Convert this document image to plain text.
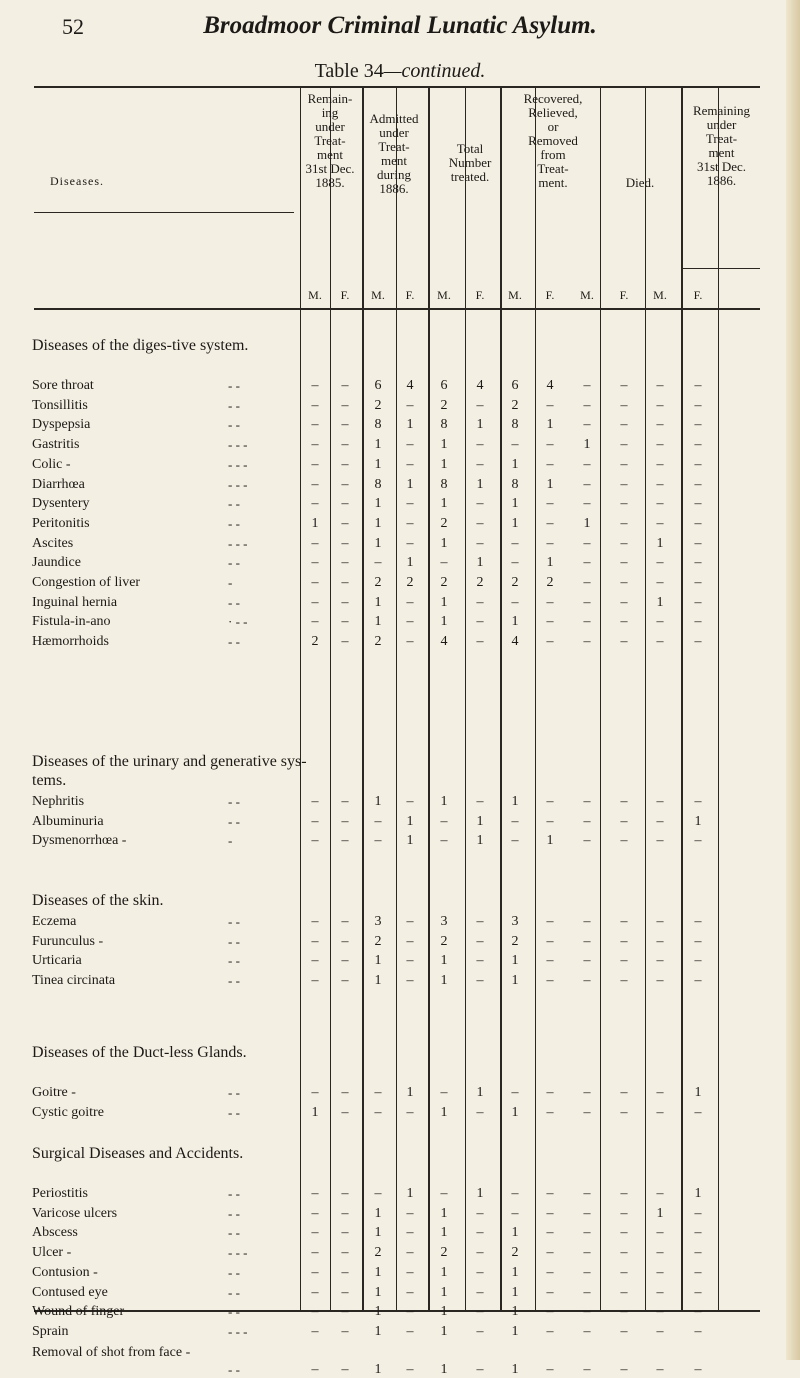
52	Broadmoor Criminal Lunatic Asylum.
Table 34—continued.
Diseases.
Remain-
ing
under
Treat-
ment
31st Dec.
1885.
Admitted
under
Treat-
ment
during
1886.
Total
Number
treated.
Recovered,
Relieved,
or
Removed
from
Treat-
ment.	Died.
Remaining
under
Treat-
ment
31st Dec.
1886.
M.	F.	M.	F.	M.	F.	M.	F.	M.	F.	M.	F.
Diseases of the diges-tive system.
Sore throat	- -	–	–	6	4	6	4	6	4	–	–	–	–
Tonsillitis	- -	–	–	2	–	2	–	2	–	–	–	–	–
Dyspepsia	- -	–	–	8	1	8	1	8	1	–	–	–	–
Gastritis	- - -	–	–	1	–	1	–	–	–	1	–	–	–
Colic -	- - -	–	–	1	–	1	–	1	–	–	–	–	–
Diarrhœa	- - -	–	–	8	1	8	1	8	1	–	–	–	–
Dysentery	- -	–	–	1	–	1	–	1	–	–	–	–	–
Peritonitis	- -	1	–	1	–	2	–	1	–	1	–	–	–
Ascites	- - -	–	–	1	–	1	–	–	–	–	–	1	–
Jaundice	- -	–	–	–	1	–	1	–	1	–	–	–	–
Congestion of liver	-	–	–	2	2	2	2	2	2	–	–	–	–
Inguinal hernia	- -	–	–	1	–	1	–	–	–	–	–	1	–
Fistula-in-ano	· - -	–	–	1	–	1	–	1	–	–	–	–	–
Hæmorrhoids	- -	2	–	2	–	4	–	4	–	–	–	–	–
Diseases of the urinary and generative sys-tems.
Nephritis	- -	–	–	1	–	1	–	1	–	–	–	–	–
Albuminuria	- -	–	–	–	1	–	1	–	–	–	–	–	1
Dysmenorrhœa -	-	–	–	–	1	–	1	–	1	–	–	–	–
Diseases of the skin.
Eczema	- -	–	–	3	–	3	–	3	–	–	–	–	–
Furunculus -	- -	–	–	2	–	2	–	2	–	–	–	–	–
Urticaria	- -	–	–	1	–	1	–	1	–	–	–	–	–
Tinea circinata	- -	–	–	1	–	1	–	1	–	–	–	–	–
Diseases of the Duct-less Glands.
Goitre -	- -	–	–	–	1	–	1	–	–	–	–	–	1
Cystic goitre	- -	1	–	–	–	1	–	1	–	–	–	–	–
Surgical Diseases and Accidents.
Periostitis	- -	–	–	–	1	–	1	–	–	–	–	–	1
Varicose ulcers	- -	–	–	1	–	1	–	–	–	–	–	1	–
Abscess	- -	–	–	1	–	1	–	1	–	–	–	–	–
Ulcer -	- - -	–	–	2	–	2	–	2	–	–	–	–	–
Contusion -	- -	–	–	1	–	1	–	1	–	–	–	–	–
Contused eye	- -	–	–	1	–	1	–	1	–	–	–	–	–
Wound of finger	- -	–	–	1	–	1	–	1	–	–	–	–	–
Sprain	- - -	–	–	1	–	1	–	1	–	–	–	–	–
Removal of shot from face -
- -	–	–	1	–	1	–	1	–	–	–	–	–
